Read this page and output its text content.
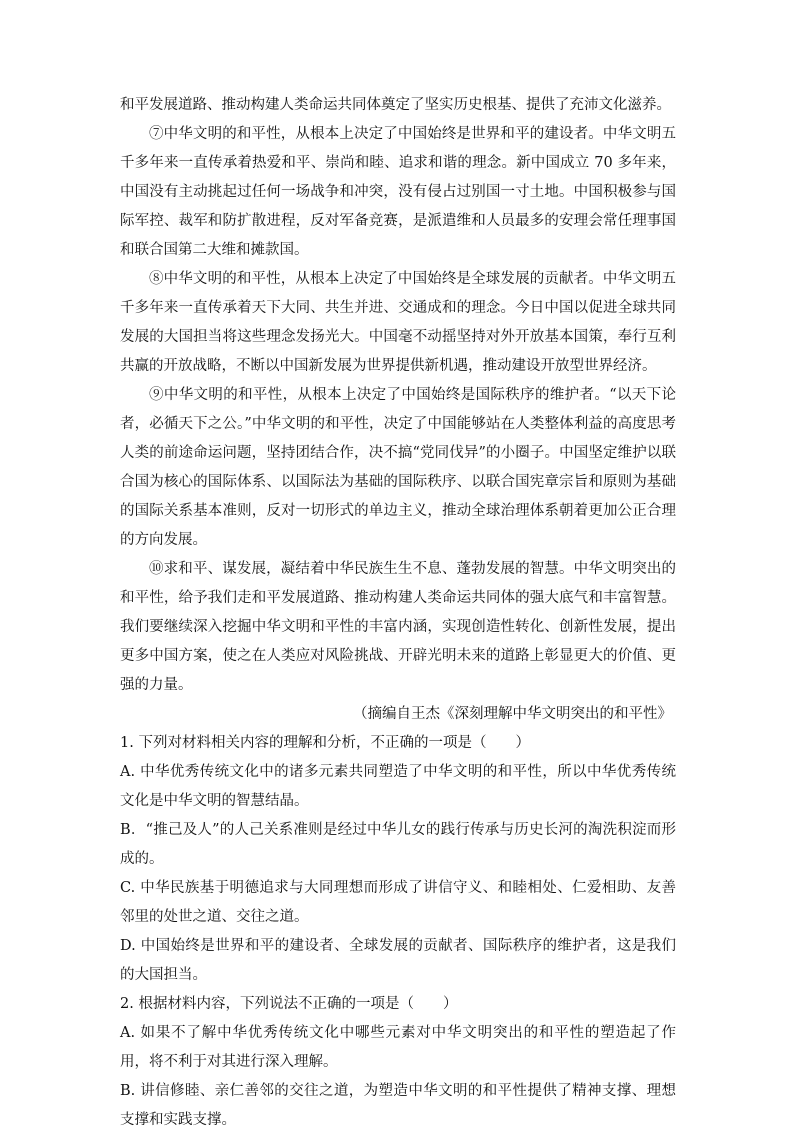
和平发展道路、推动构建人类命运共同体奠定了坚实历史根基、提供了充沛文化滋养。

⑦中华文明的和平性，从根本上决定了中国始终是世界和平的建设者。中华文明五千多年来一直传承着热爱和平、崇尚和睦、追求和谐的理念。新中国成立 70 多年来，中国没有主动挑起过任何一场战争和冲突，没有侵占过别国一寸土地。中国积极参与国际军控、裁军和防扩散进程，反对军备竞赛，是派遣维和人员最多的安理会常任理事国和联合国第二大维和摊款国。

⑧中华文明的和平性，从根本上决定了中国始终是全球发展的贡献者。中华文明五千多年来一直传承着天下大同、共生并进、交通成和的理念。今日中国以促进全球共同发展的大国担当将这些理念发扬光大。中国毫不动摇坚持对外开放基本国策，奉行互利共赢的开放战略，不断以中国新发展为世界提供新机遇，推动建设开放型世界经济。

⑨中华文明的和平性，从根本上决定了中国始终是国际秩序的维护者。“以天下论者，必循天下之公。”中华文明的和平性，决定了中国能够站在人类整体利益的高度思考人类的前途命运问题，坚持团结合作，决不搞“党同伐异”的小圈子。中国坚定维护以联合国为核心的国际体系、以国际法为基础的国际秩序、以联合国宪章宗旨和原则为基础的国际关系基本准则，反对一切形式的单边主义，推动全球治理体系朝着更加公正合理的方向发展。

⑩求和平、谋发展，凝结着中华民族生生不息、蓬勃发展的智慧。中华文明突出的和平性，给予我们走和平发展道路、推动构建人类命运共同体的强大底气和丰富智慧。我们要继续深入挖掘中华文明和平性的丰富内涵，实现创造性转化、创新性发展，提出更多中国方案，使之在人类应对风险挑战、开辟光明未来的道路上彰显更大的价值、更强的力量。

（摘编自王杰《深刻理解中华文明突出的和平性》

1. 下列对材料相关内容的理解和分析，不正确的一项是（　　）

A. 中华优秀传统文化中的诸多元素共同塑造了中华文明的和平性，所以中华优秀传统文化是中华文明的智慧结晶。

B．“推己及人”的人己关系准则是经过中华儿女的践行传承与历史长河的淘洗积淀而形成的。

C. 中华民族基于明德追求与大同理想而形成了讲信守义、和睦相处、仁爱相助、友善邻里的处世之道、交往之道。

D. 中国始终是世界和平的建设者、全球发展的贡献者、国际秩序的维护者，这是我们的大国担当。

2. 根据材料内容，下列说法不正确的一项是（　　）

A. 如果不了解中华优秀传统文化中哪些元素对中华文明突出的和平性的塑造起了作用，将不利于对其进行深入理解。

B. 讲信修睦、亲仁善邻的交往之道，为塑造中华文明的和平性提供了精神支撑、理想支撑和实践支撑。
